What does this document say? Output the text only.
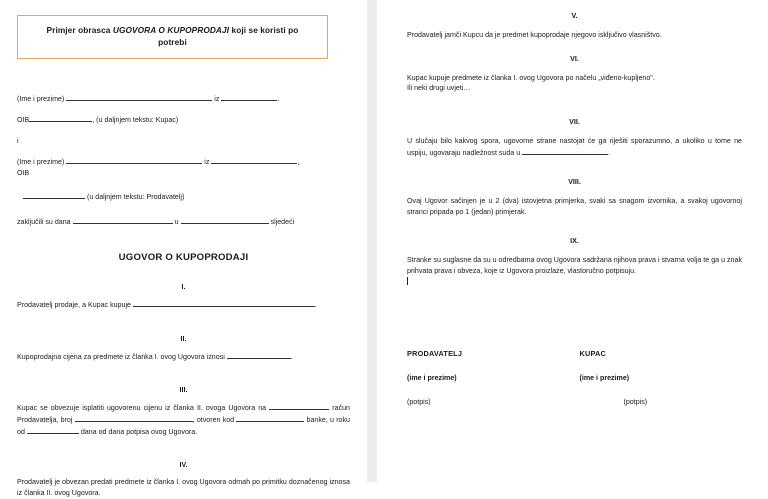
Primjer obrasca UGOVORA O KUPOPRODAJI koji se koristi po potrebi
(Ime i prezime)	iz	.
OIB	, (u daljnjem tekstu: Kupac)
i
(Ime i prezime)	iz	,
OIB
(u daljnjem tekstu: Prodavatelj)
zaključili su dana	u	sljedeći
UGOVOR O KUPOPRODAJI
I.
Prodavatelj prodaje, a Kupac kupuje	.
II.
Kupoprodajna cijena za predmete iz članka I. ovog Ugovora iznosi	.
III.
Kupac se obvezuje isplatiti ugovorenu cijenu iz članka II. ovoga Ugovora na	račun Prodavatelja, broj	, otvoren kod	banke, u roku od	dana od dana potpisa ovog Ugovora.
IV.
Prodavatelj je obvezan predati predmete iz članka I. ovog Ugovora odmah po primitku doznačenog iznosa iz članka II. ovog Ugovora.
V.
Prodavatelj jamči Kupcu da je predmet kupoprodaje njegovo isključivo vlasništvo.
VI.
Kupac kupuje predmete iz članka I. ovog Ugovora po načelu „viđeno-kupljeno".
Ili neki drugi uvjeti…
VII.
U slučaju bilo kakvog spora, ugovorne strane nastojat će ga riješiti sporazumno, a ukoliko u tome ne uspiju, ugovaraju nadležnost suda u	.
VIII.
Ovaj Ugovor sačinjen je u 2 (dva) istovjetna primjerka, svaki sa snagom izvornika, a svakoj ugovornoj stranci pripada po 1 (jedan) primjerak.
IX.
Stranke su suglasne da su u odredbama ovog Ugovora sadržana njihova prava i stvarna volja te ga u znak prihvata prava i obveza, koje iz Ugovora proizlaze, vlastoručno potpisuju.
PRODAVATELJ	KUPAC
(ime i prezime)	(ime i prezime)
(potpis)	(potpis)
